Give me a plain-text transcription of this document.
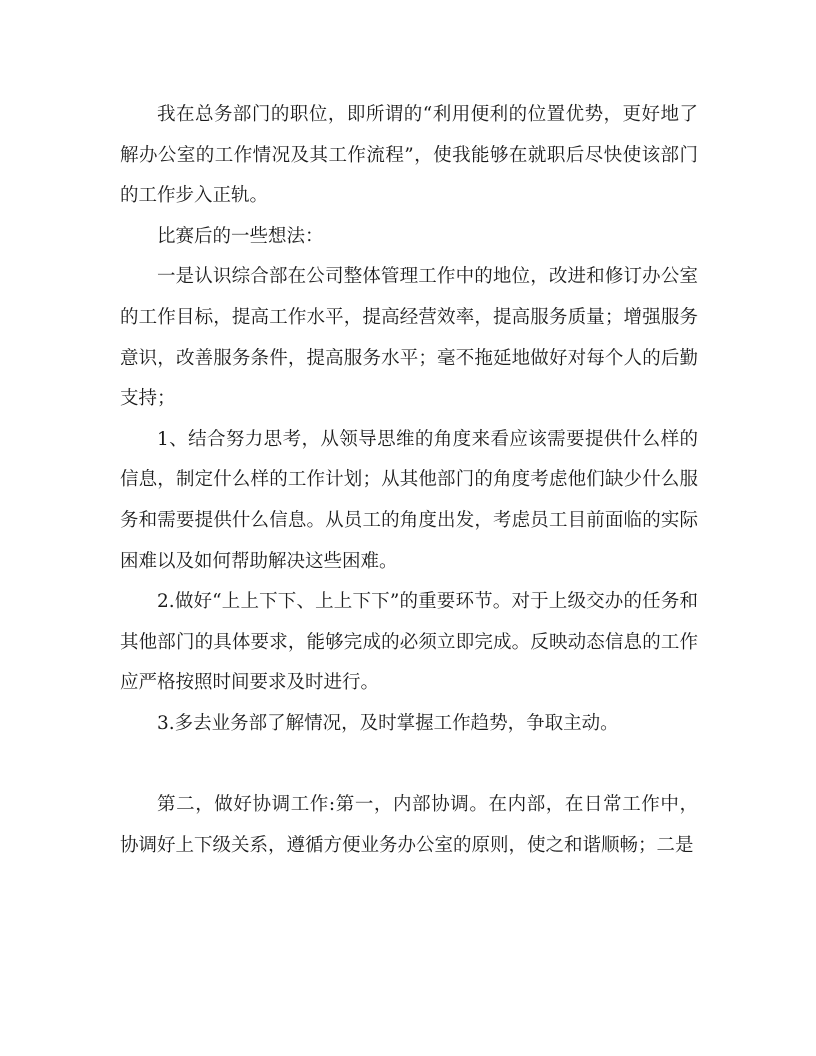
我在总务部门的职位，即所谓的“利用便利的位置优势，更好地了解办公室的工作情况及其工作流程”，使我能够在就职后尽快使该部门的工作步入正轨。

比赛后的一些想法：

一是认识综合部在公司整体管理工作中的地位，改进和修订办公室的工作目标，提高工作水平，提高经营效率，提高服务质量；增强服务意识，改善服务条件，提高服务水平；毫不拖延地做好对每个人的后勤支持；

1、结合努力思考，从领导思维的角度来看应该需要提供什么样的信息，制定什么样的工作计划；从其他部门的角度考虑他们缺少什么服务和需要提供什么信息。从员工的角度出发，考虑员工目前面临的实际困难以及如何帮助解决这些困难。

2.做好“上上下下、上上下下”的重要环节。对于上级交办的任务和其他部门的具体要求，能够完成的必须立即完成。反映动态信息的工作应严格按照时间要求及时进行。

3.多去业务部了解情况，及时掌握工作趋势，争取主动。

第二，做好协调工作:第一，内部协调。在内部，在日常工作中，协调好上下级关系，遵循方便业务办公室的原则，使之和谐顺畅；二是
